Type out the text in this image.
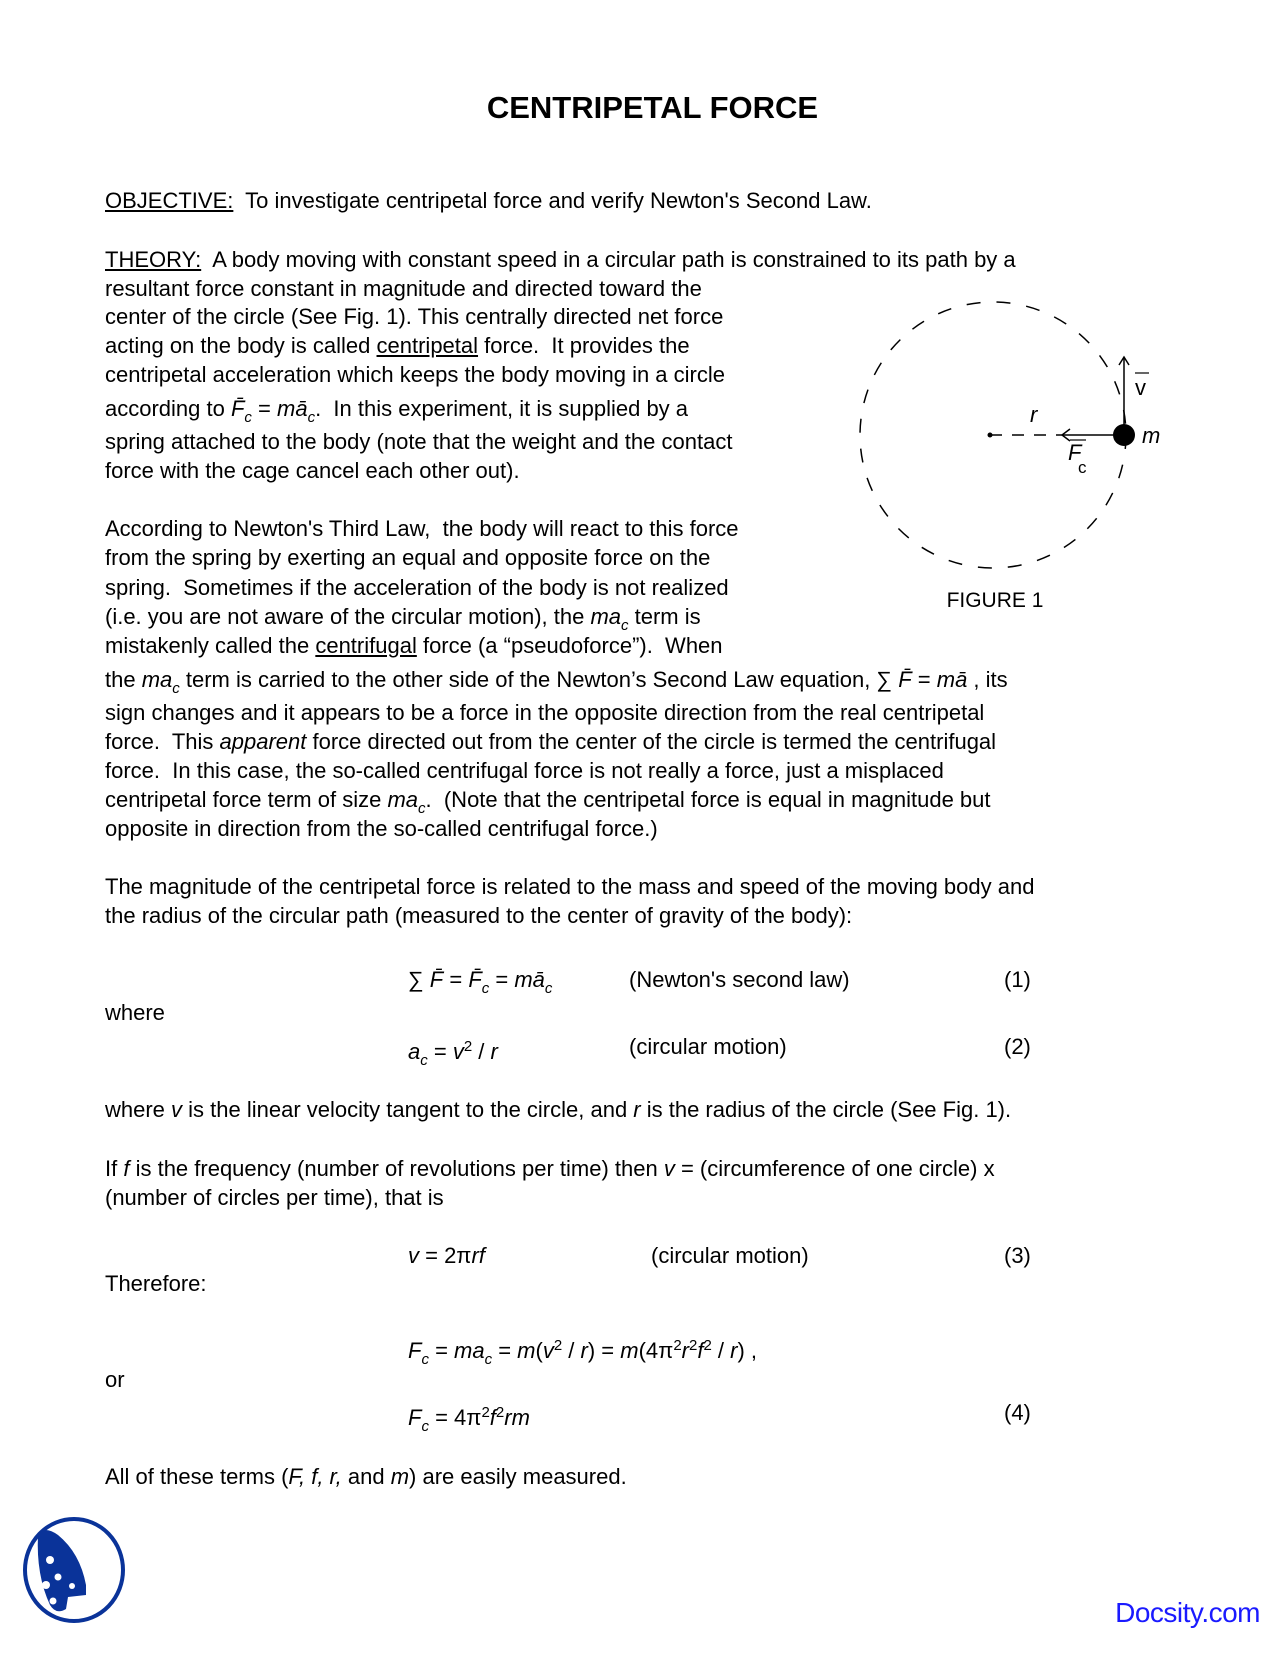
CENTRIPETAL FORCE
OBJECTIVE:  To investigate centripetal force and verify Newton's Second Law.
THEORY:  A body moving with constant speed in a circular path is constrained to its path by a
resultant force constant in magnitude and directed toward the
center of the circle (See Fig. 1). This centrally directed net force
acting on the body is called centripetal force.  It provides the
centripetal acceleration which keeps the body moving in a circle
according to $F̄_c$ = $mā_c$.  In this experiment, it is supplied by a
spring attached to the body (note that the weight and the contact
force with the cage cancel each other out).
According to Newton's Third Law,  the body will react to this force
from the spring by exerting an equal and opposite force on the
spring.  Sometimes if the acceleration of the body is not realized
(i.e. you are not aware of the circular motion), the $ma_c$ term is
mistakenly called the centrifugal force (a “pseudoforce”).  When
the $ma_c$ term is carried to the other side of the Newton’s Second Law equation, ∑ F̄ = mā , its
sign changes and it appears to be a force in the opposite direction from the real centripetal
force.  This apparent force directed out from the center of the circle is termed the centrifugal
force.  In this case, the so-called centrifugal force is not really a force, just a misplaced
centripetal force term of size $ma_c$.  (Note that the centripetal force is equal in magnitude but
opposite in direction from the so-called centrifugal force.)
The magnitude of the centripetal force is related to the mass and speed of the moving body and
the radius of the circular path (measured to the center of gravity of the body):
∑ F̄ = $F̄_c$ = $mā_c$	(Newton's second law)	(1)
where
$a_c = v^2 / r$	(circular motion)	(2)
where v is the linear velocity tangent to the circle, and r is the radius of the circle (See Fig. 1).
If f is the frequency (number of revolutions per time) then v = (circumference of one circle) x
(number of circles per time), that is
v = 2πrf	(circular motion)	(3)
Therefore:
$F_c = ma_c = m(v^2 / r) = m(4\pi^2r^2f^2 / r)$ ,
or
$F_c = 4\pi^2f^2rm$	(4)
All of these terms (F, f, r, and m) are easily measured.
r
m
v
F
c
FIGURE 1
Docsity.com
